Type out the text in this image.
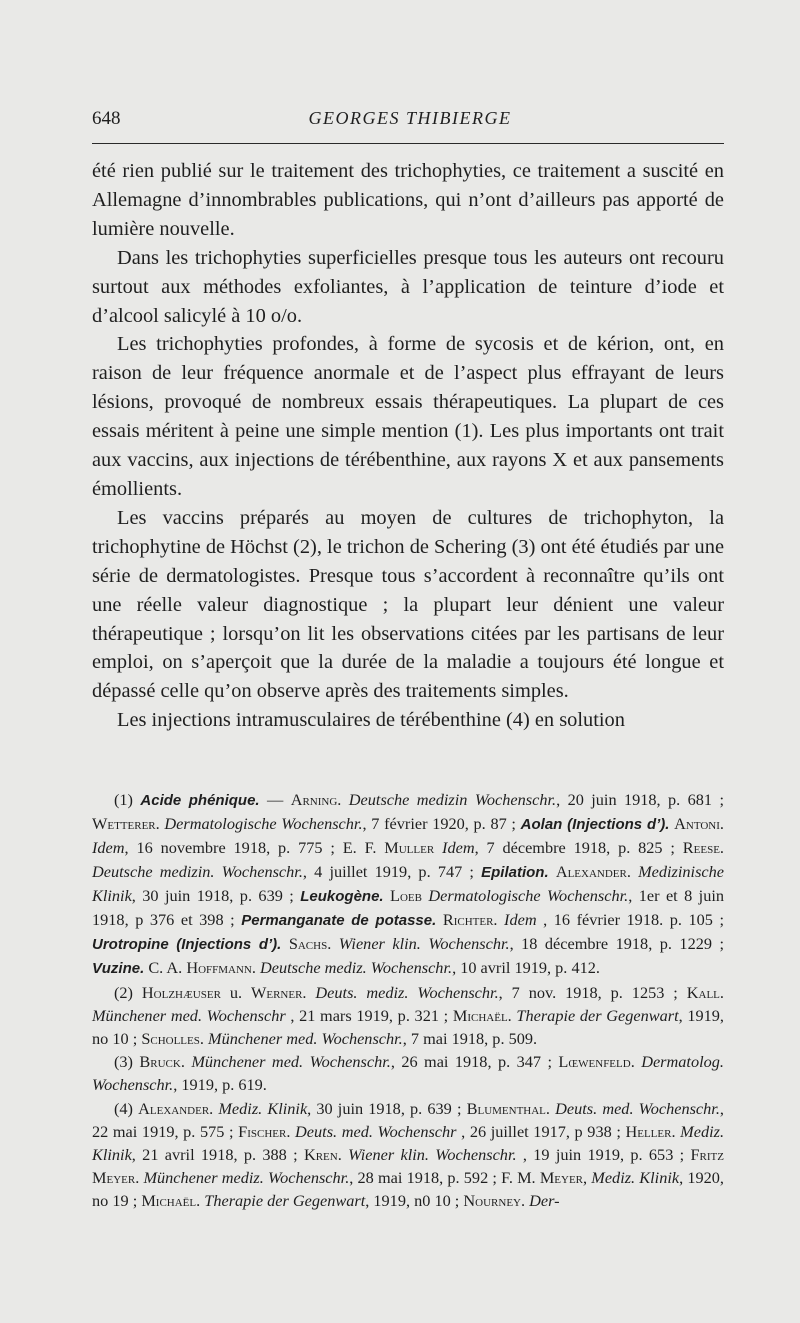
648	GEORGES THIBIERGE

été rien publié sur le traitement des trichophyties, ce traitement a suscité en Allemagne d’innombrables publications, qui n’ont d’ailleurs pas apporté de lumière nouvelle.

Dans les trichophyties superficielles presque tous les auteurs ont recouru surtout aux méthodes exfoliantes, à l’application de teinture d’iode et d’alcool salicylé à 10 o/o.

Les trichophyties profondes, à forme de sycosis et de kérion, ont, en raison de leur fréquence anormale et de l’aspect plus effrayant de leurs lésions, provoqué de nombreux essais thérapeutiques. La plupart de ces essais méritent à peine une simple mention (1). Les plus importants ont trait aux vaccins, aux injections de térébenthine, aux rayons X et aux pansements émollients.

Les vaccins préparés au moyen de cultures de trichophyton, la trichophytine de Höchst (2), le trichon de Schering (3) ont été étudiés par une série de dermatologistes. Presque tous s’accordent à reconnaître qu’ils ont une réelle valeur diagnostique ; la plupart leur dénient une valeur thérapeutique ; lorsqu’on lit les observations citées par les partisans de leur emploi, on s’aperçoit que la durée de la maladie a toujours été longue et dépassé celle qu’on observe après des traitements simples.

Les injections intramusculaires de térébenthine (4) en solution

(1) Acide phénique. — Arning. Deutsche medizin Wochenschr., 20 juin 1918, p. 681 ; Wetterer. Dermatologische Wochenschr., 7 février 1920, p. 87 ; Aolan (Injections d’). Antoni. Idem, 16 novembre 1918, p. 775 ; E. F. Muller Idem, 7 décembre 1918, p. 825 ; Reese. Deutsche medizin. Wochenschr., 4 juillet 1919, p. 747 ; Epilation. Alexander. Medizinische Klinik, 30 juin 1918, p. 639 ; Leukogène. Loeb Dermatologische Wochenschr., 1er et 8 juin 1918, p 376 et 398 ; Permanganate de potasse. Richter. Idem , 16 février 1918. p. 105 ; Urotropine (Injections d’). Sachs. Wiener klin. Wochenschr., 18 décembre 1918, p. 1229 ; Vuzine. C. A. Hoffmann. Deutsche mediz. Wochenschr., 10 avril 1919, p. 412.

(2) Holzhæuser u. Werner. Deuts. mediz. Wochenschr., 7 nov. 1918, p. 1253 ; Kall. Münchener med. Wochenschr , 21 mars 1919, p. 321 ; Michaël. Therapie der Gegenwart, 1919, no 10 ; Scholles. Münchener med. Wochenschr., 7 mai 1918, p. 509.

(3) Bruck. Münchener med. Wochenschr., 26 mai 1918, p. 347 ; Lœwenfeld. Dermatolog. Wochenschr., 1919, p. 619.

(4) Alexander. Mediz. Klinik, 30 juin 1918, p. 639 ; Blumenthal. Deuts. med. Wochenschr., 22 mai 1919, p. 575 ; Fischer. Deuts. med. Wochenschr , 26 juillet 1917, p 938 ; Heller. Mediz. Klinik, 21 avril 1918, p. 388 ; Kren. Wiener klin. Wochenschr. , 19 juin 1919, p. 653 ; Fritz Meyer. Münchener mediz. Wochenschr., 28 mai 1918, p. 592 ; F. M. Meyer, Mediz. Klinik, 1920, no 19 ; Michaël. Therapie der Gegenwart, 1919, n0 10 ; Nourney. Der-
